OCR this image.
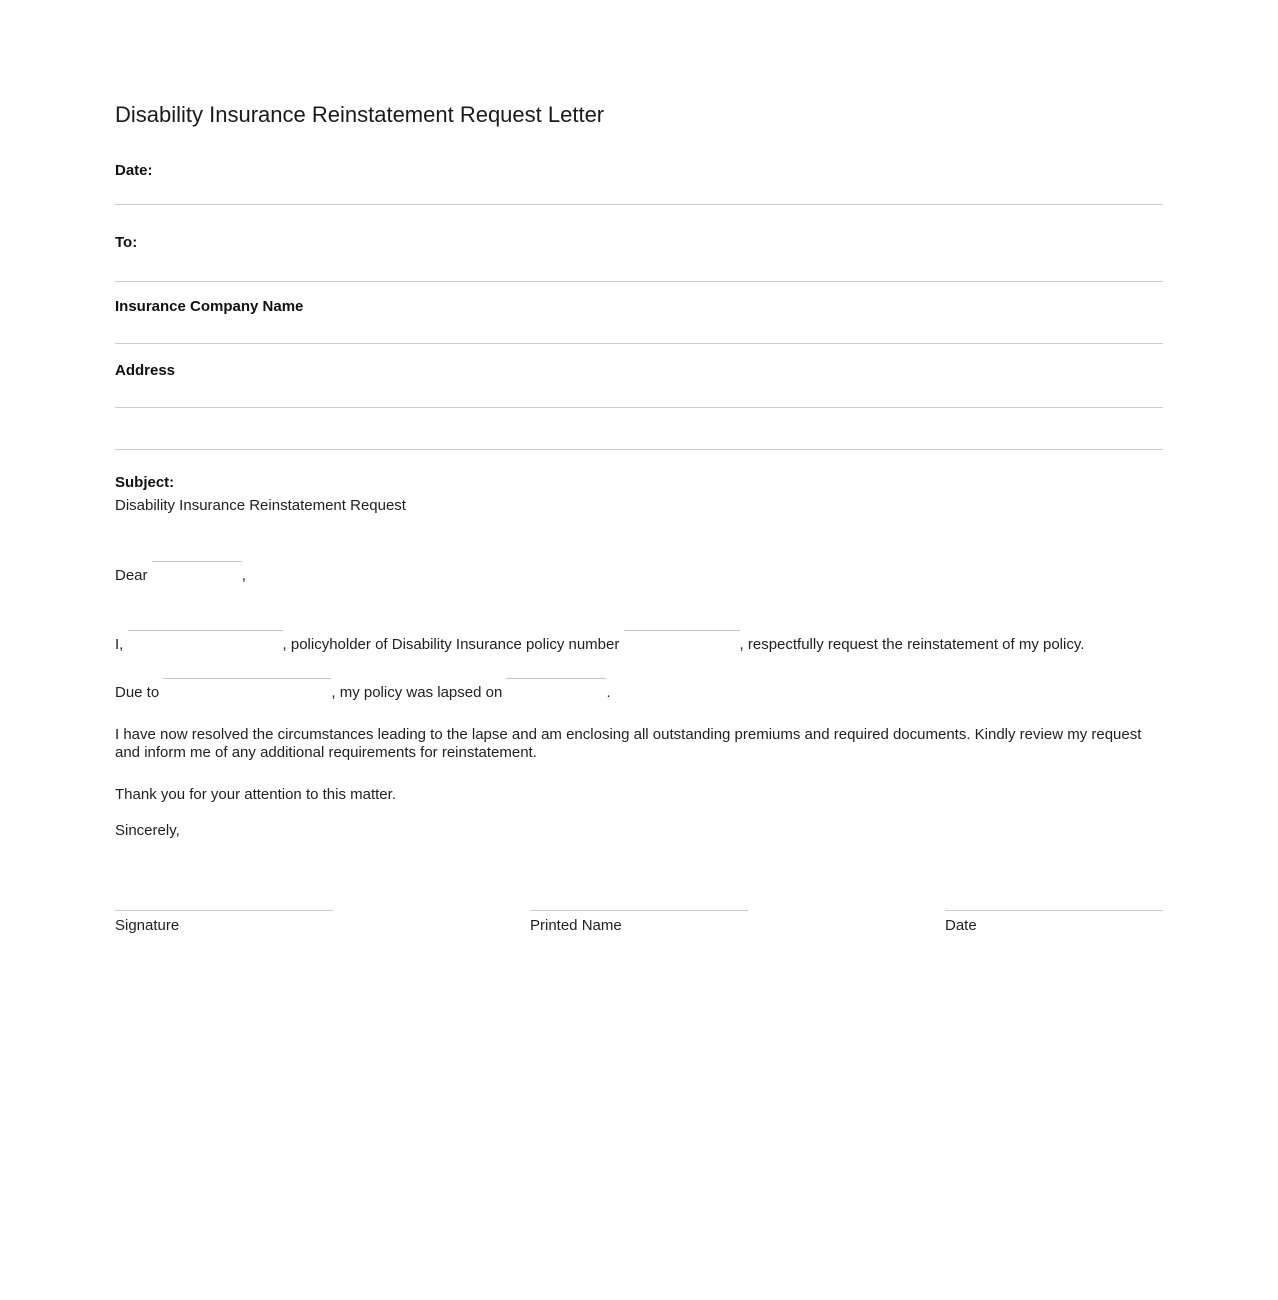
Disability Insurance Reinstatement Request Letter
Date:
To:
Insurance Company Name
Address
Subject:
Disability Insurance Reinstatement Request

Dear	,

I,	, policyholder of Disability Insurance policy number	, respectfully request the reinstatement of my policy.

Due to	, my policy was lapsed on	.

I have now resolved the circumstances leading to the lapse and am enclosing all outstanding premiums and required documents. Kindly review my request and inform me of any additional requirements for reinstatement.

Thank you for your attention to this matter.

Sincerely,

Signature	Printed Name	Date
